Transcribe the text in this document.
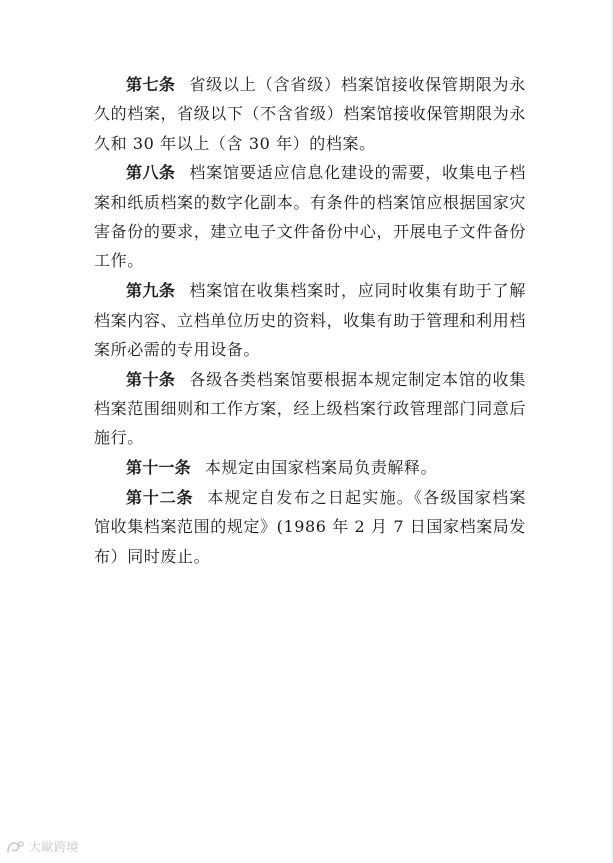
第七条 省级以上（含省级）档案馆接收保管期限为永久的档案，省级以下（不含省级）档案馆接收保管期限为永久和 30 年以上（含 30 年）的档案。

第八条 档案馆要适应信息化建设的需要，收集电子档案和纸质档案的数字化副本。有条件的档案馆应根据国家灾害备份的要求，建立电子文件备份中心，开展电子文件备份工作。

第九条 档案馆在收集档案时，应同时收集有助于了解档案内容、立档单位历史的资料，收集有助于管理和利用档案所必需的专用设备。

第十条 各级各类档案馆要根据本规定制定本馆的收集档案范围细则和工作方案，经上级档案行政管理部门同意后施行。

第十一条 本规定由国家档案局负责解释。

第十二条 本规定自发布之日起实施。《各级国家档案馆收集档案范围的规定》(1986 年 2 月 7 日国家档案局发布）同时废止。

大歐跨境
